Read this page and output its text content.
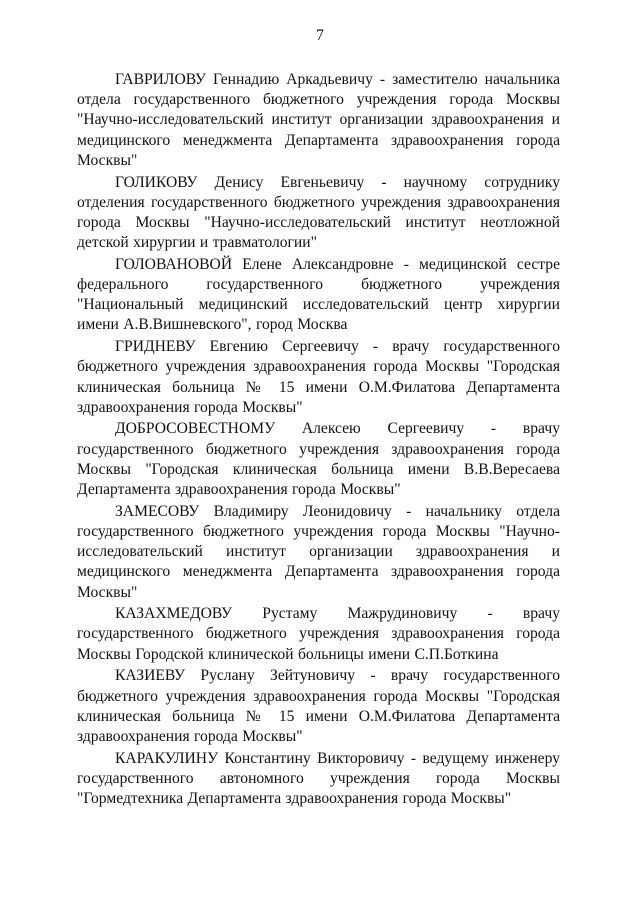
7

ГАВРИЛОВУ Геннадию Аркадьевичу - заместителю начальника отдела государственного бюджетного учреждения города Москвы "Научно-исследовательский институт организации здравоохранения и медицинского менеджмента Департамента здравоохранения города Москвы"

ГОЛИКОВУ Денису Евгеньевичу - научному сотруднику отделения государственного бюджетного учреждения здравоохранения города Москвы "Научно-исследовательский институт неотложной детской хирургии и травматологии"

ГОЛОВАНОВОЙ Елене Александровне - медицинской сестре федерального государственного бюджетного учреждения "Национальный медицинский исследовательский центр хирургии имени А.В.Вишневского", город Москва

ГРИДНЕВУ Евгению Сергеевичу - врачу государственного бюджетного учреждения здравоохранения города Москвы "Городская клиническая больница № 15 имени О.М.Филатова Департамента здравоохранения города Москвы"

ДОБРОСОВЕСТНОМУ Алексею Сергеевичу - врачу государственного бюджетного учреждения здравоохранения города Москвы "Городская клиническая больница имени В.В.Вересаева Департамента здравоохранения города Москвы"

ЗАМЕСОВУ Владимиру Леонидовичу - начальнику отдела государственного бюджетного учреждения города Москвы "Научно-исследовательский институт организации здравоохранения и медицинского менеджмента Департамента здравоохранения города Москвы"

КАЗАХМЕДОВУ Рустаму Мажрудиновичу - врачу государственного бюджетного учреждения здравоохранения города Москвы Городской клинической больницы имени С.П.Боткина

КАЗИЕВУ Руслану Зейтуновичу - врачу государственного бюджетного учреждения здравоохранения города Москвы "Городская клиническая больница № 15 имени О.М.Филатова Департамента здравоохранения города Москвы"

КАРАКУЛИНУ Константину Викторовичу - ведущему инженеру государственного автономного учреждения города Москвы "Гормедтехника Департамента здравоохранения города Москвы"
